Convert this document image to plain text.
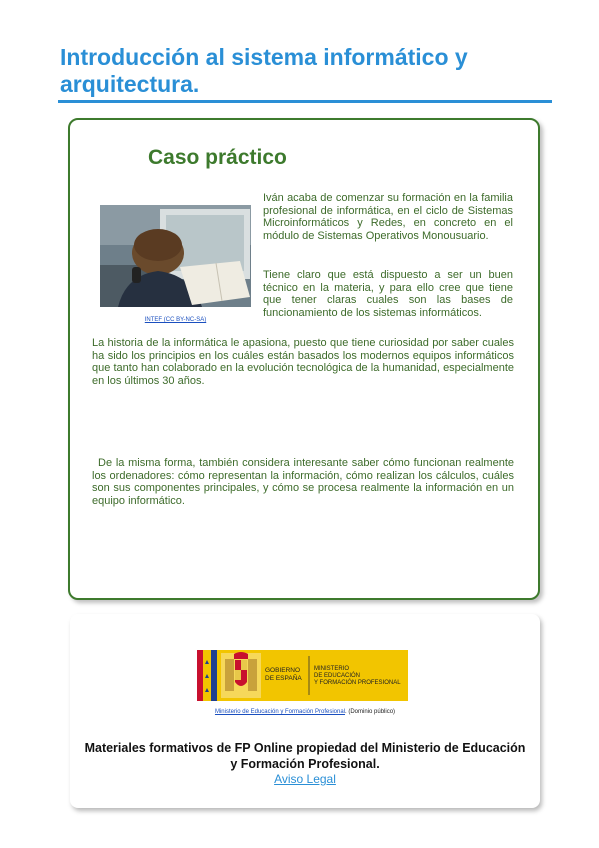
Introducción al sistema informático y arquitectura.
Caso práctico
INTEF (CC BY-NC-SA)

Iván acaba de comenzar su formación en la familia profesional de informática, en el ciclo de Sistemas Microinformáticos y Redes, en concreto en el módulo de Sistemas Operativos Monousuario.

Tiene claro que está dispuesto a ser un buen técnico en la materia, y para ello cree que tiene que tener claras cuales son las bases de funcionamiento de los sistemas informáticos.

La historia de la informática le apasiona, puesto que tiene curiosidad por saber cuales ha sido los principios en los cuáles están basados los modernos equipos informáticos que tanto han colaborado en la evolución tecnológica de la humanidad, especialmente en los últimos 30 años.

De la misma forma, también considera interesante saber cómo funcionan realmente los ordenadores: cómo representan la información, cómo realizan los cálculos, cuáles son sus componentes principales, y cómo se procesa realmente la información en un equipo informático.

GOBIERNO
DE ESPAÑA
MINISTERIO
DE EDUCACIÓN
Y FORMACIÓN PROFESIONAL
Ministerio de Educación y Formación Profesional. (Dominio público)
Materiales formativos de FP Online propiedad del Ministerio de Educación y Formación Profesional.
Aviso Legal
